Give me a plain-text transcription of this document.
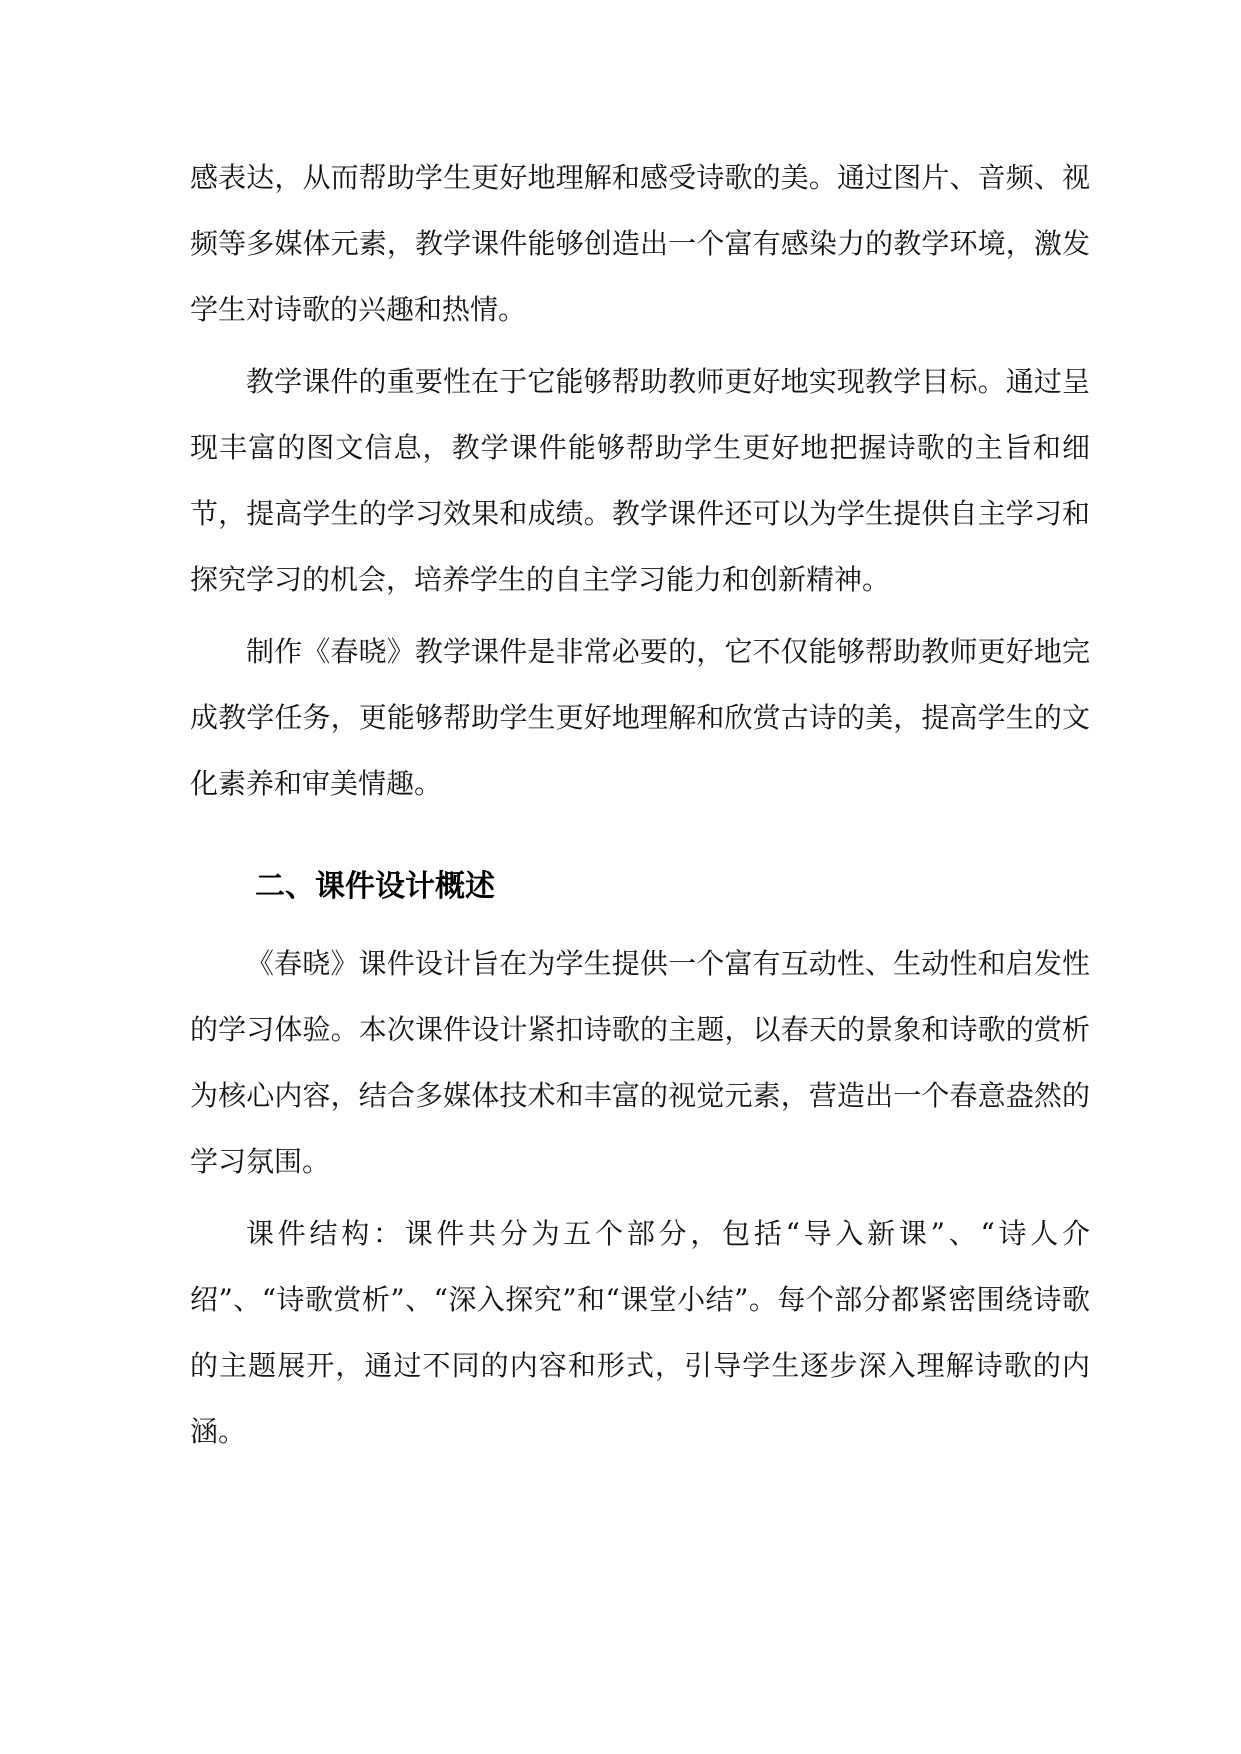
感表达，从而帮助学生更好地理解和感受诗歌的美。通过图片、音频、视频等多媒体元素，教学课件能够创造出一个富有感染力的教学环境，激发学生对诗歌的兴趣和热情。

教学课件的重要性在于它能够帮助教师更好地实现教学目标。通过呈现丰富的图文信息，教学课件能够帮助学生更好地把握诗歌的主旨和细节，提高学生的学习效果和成绩。教学课件还可以为学生提供自主学习和探究学习的机会，培养学生的自主学习能力和创新精神。

制作《春晓》教学课件是非常必要的，它不仅能够帮助教师更好地完成教学任务，更能够帮助学生更好地理解和欣赏古诗的美，提高学生的文化素养和审美情趣。

二、课件设计概述

《春晓》课件设计旨在为学生提供一个富有互动性、生动性和启发性的学习体验。本次课件设计紧扣诗歌的主题，以春天的景象和诗歌的赏析为核心内容，结合多媒体技术和丰富的视觉元素，营造出一个春意盎然的学习氛围。

课件结构：课件共分为五个部分，包括“导入新课”、“诗人介绍”、“诗歌赏析”、“深入探究”和“课堂小结”。每个部分都紧密围绕诗歌的主题展开，通过不同的内容和形式，引导学生逐步深入理解诗歌的内涵。
